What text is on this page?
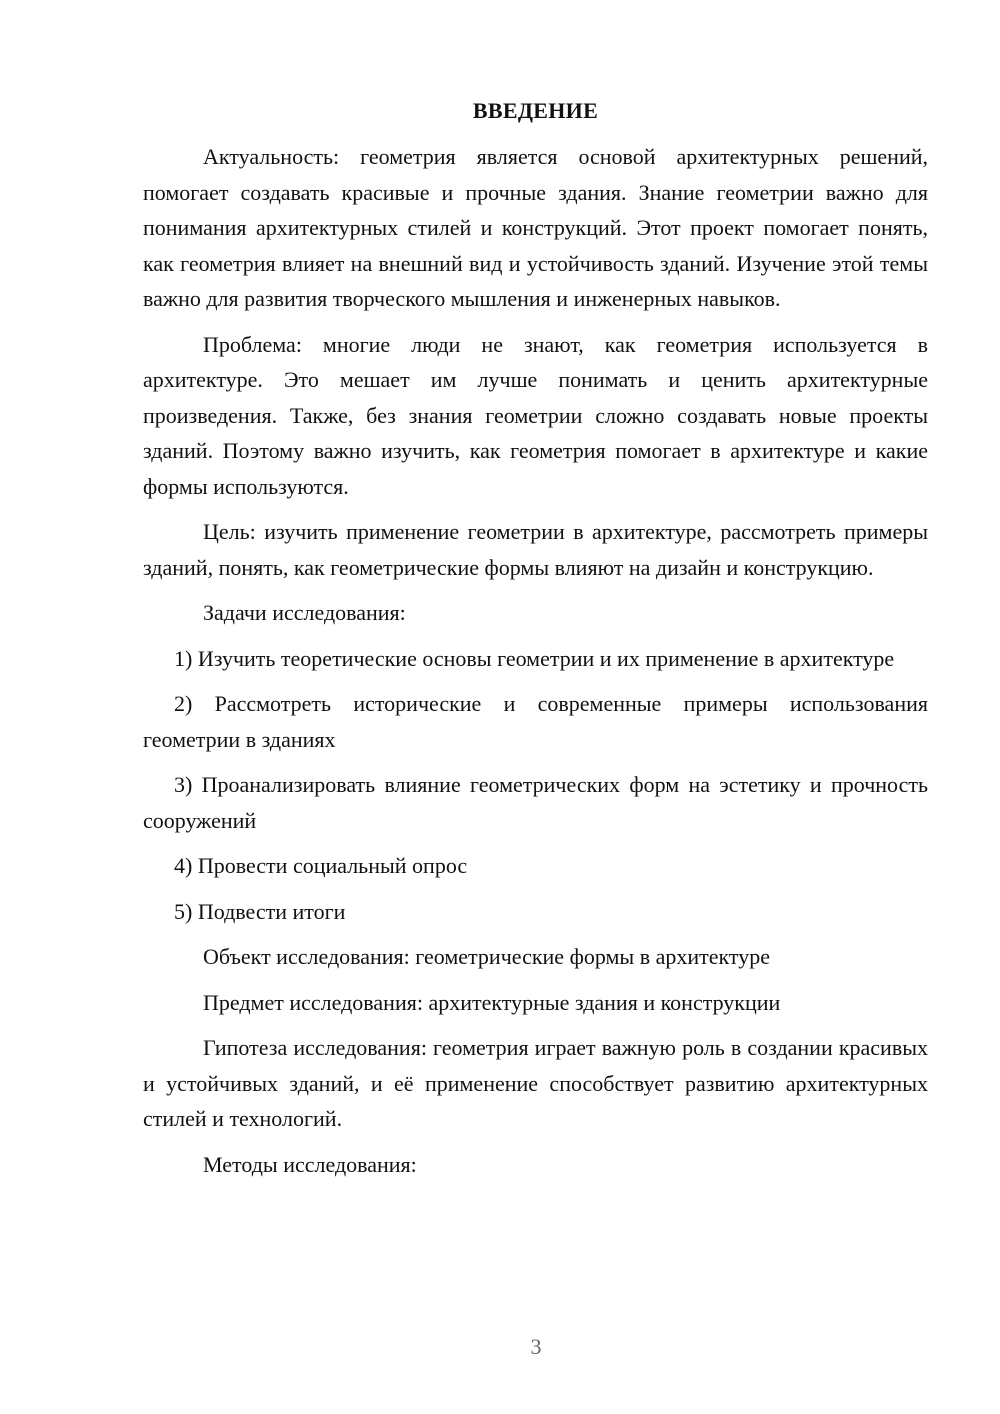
ВВЕДЕНИЕ

Актуальность: геометрия является основой архитектурных решений, помогает создавать красивые и прочные здания. Знание геометрии важно для понимания архитектурных стилей и конструкций. Этот проект помогает понять, как геометрия влияет на внешний вид и устойчивость зданий. Изучение этой темы важно для развития творческого мышления и инженерных навыков.

Проблема: многие люди не знают, как геометрия используется в архитектуре. Это мешает им лучше понимать и ценить архитектурные произведения. Также, без знания геометрии сложно создавать новые проекты зданий. Поэтому важно изучить, как геометрия помогает в архитектуре и какие формы используются.

Цель: изучить применение геометрии в архитектуре, рассмотреть примеры зданий, понять, как геометрические формы влияют на дизайн и конструкцию.

Задачи исследования:

1) Изучить теоретические основы геометрии и их применение в архитектуре

2) Рассмотреть исторические и современные примеры использования геометрии в зданиях

3) Проанализировать влияние геометрических форм на эстетику и прочность сооружений

4) Провести социальный опрос

5) Подвести итоги

Объект исследования: геометрические формы в архитектуре

Предмет исследования: архитектурные здания и конструкции

Гипотеза исследования: геометрия играет важную роль в создании красивых и устойчивых зданий, и её применение способствует развитию архитектурных стилей и технологий.

Методы исследования:

3
